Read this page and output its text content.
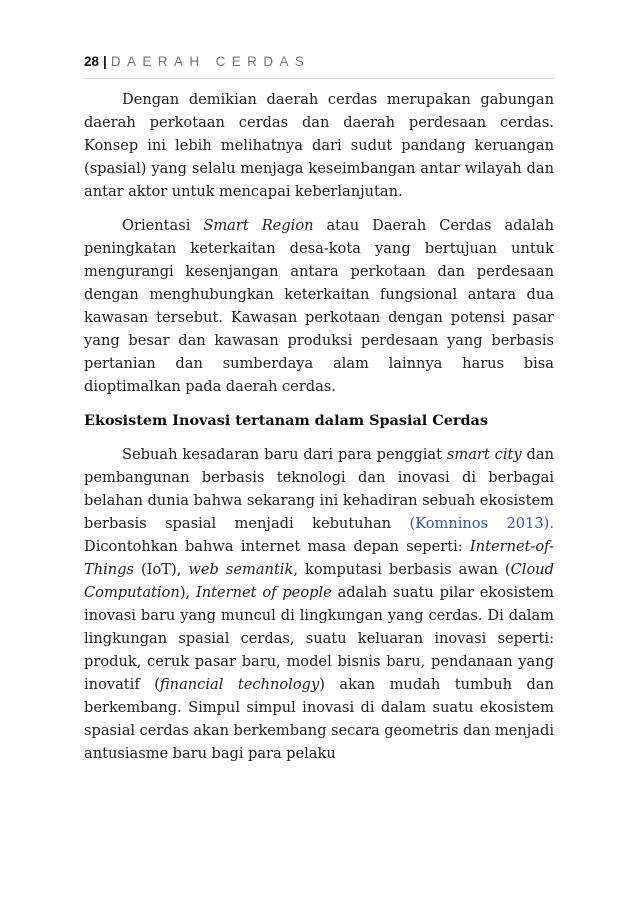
28 | DAERAH CERDAS

Dengan demikian daerah cerdas merupakan gabungan daerah perkotaan cerdas dan daerah perdesaan cerdas. Konsep ini lebih melihatnya dari sudut pandang keruangan (spasial) yang selalu menjaga keseimbangan antar wilayah dan antar aktor untuk mencapai keberlanjutan.

Orientasi Smart Region atau Daerah Cerdas adalah peningkatan keterkaitan desa-kota yang bertujuan untuk mengurangi kesenjangan antara perkotaan dan perdesaan dengan menghubungkan keterkaitan fungsional antara dua kawasan tersebut. Kawasan perkotaan dengan potensi pasar yang besar dan kawasan produksi perdesaan yang berbasis pertanian dan sumberdaya alam lainnya harus bisa dioptimalkan pada daerah cerdas.

Ekosistem Inovasi tertanam dalam Spasial Cerdas

Sebuah kesadaran baru dari para penggiat smart city dan pembangunan berbasis teknologi dan inovasi di berbagai belahan dunia bahwa sekarang ini kehadiran sebuah ekosistem berbasis spasial menjadi kebutuhan (Komninos 2013). Dicontohkan bahwa internet masa depan seperti: Internet-of-Things (IoT), web semantik, komputasi berbasis awan (Cloud Computation), Internet of people adalah suatu pilar ekosistem inovasi baru yang muncul di lingkungan yang cerdas. Di dalam lingkungan spasial cerdas, suatu keluaran inovasi seperti: produk, ceruk pasar baru, model bisnis baru, pendanaan yang inovatif (financial technology) akan mudah tumbuh dan berkembang. Simpul simpul inovasi di dalam suatu ekosistem spasial cerdas akan berkembang secara geometris dan menjadi antusiasme baru bagi para pelaku
